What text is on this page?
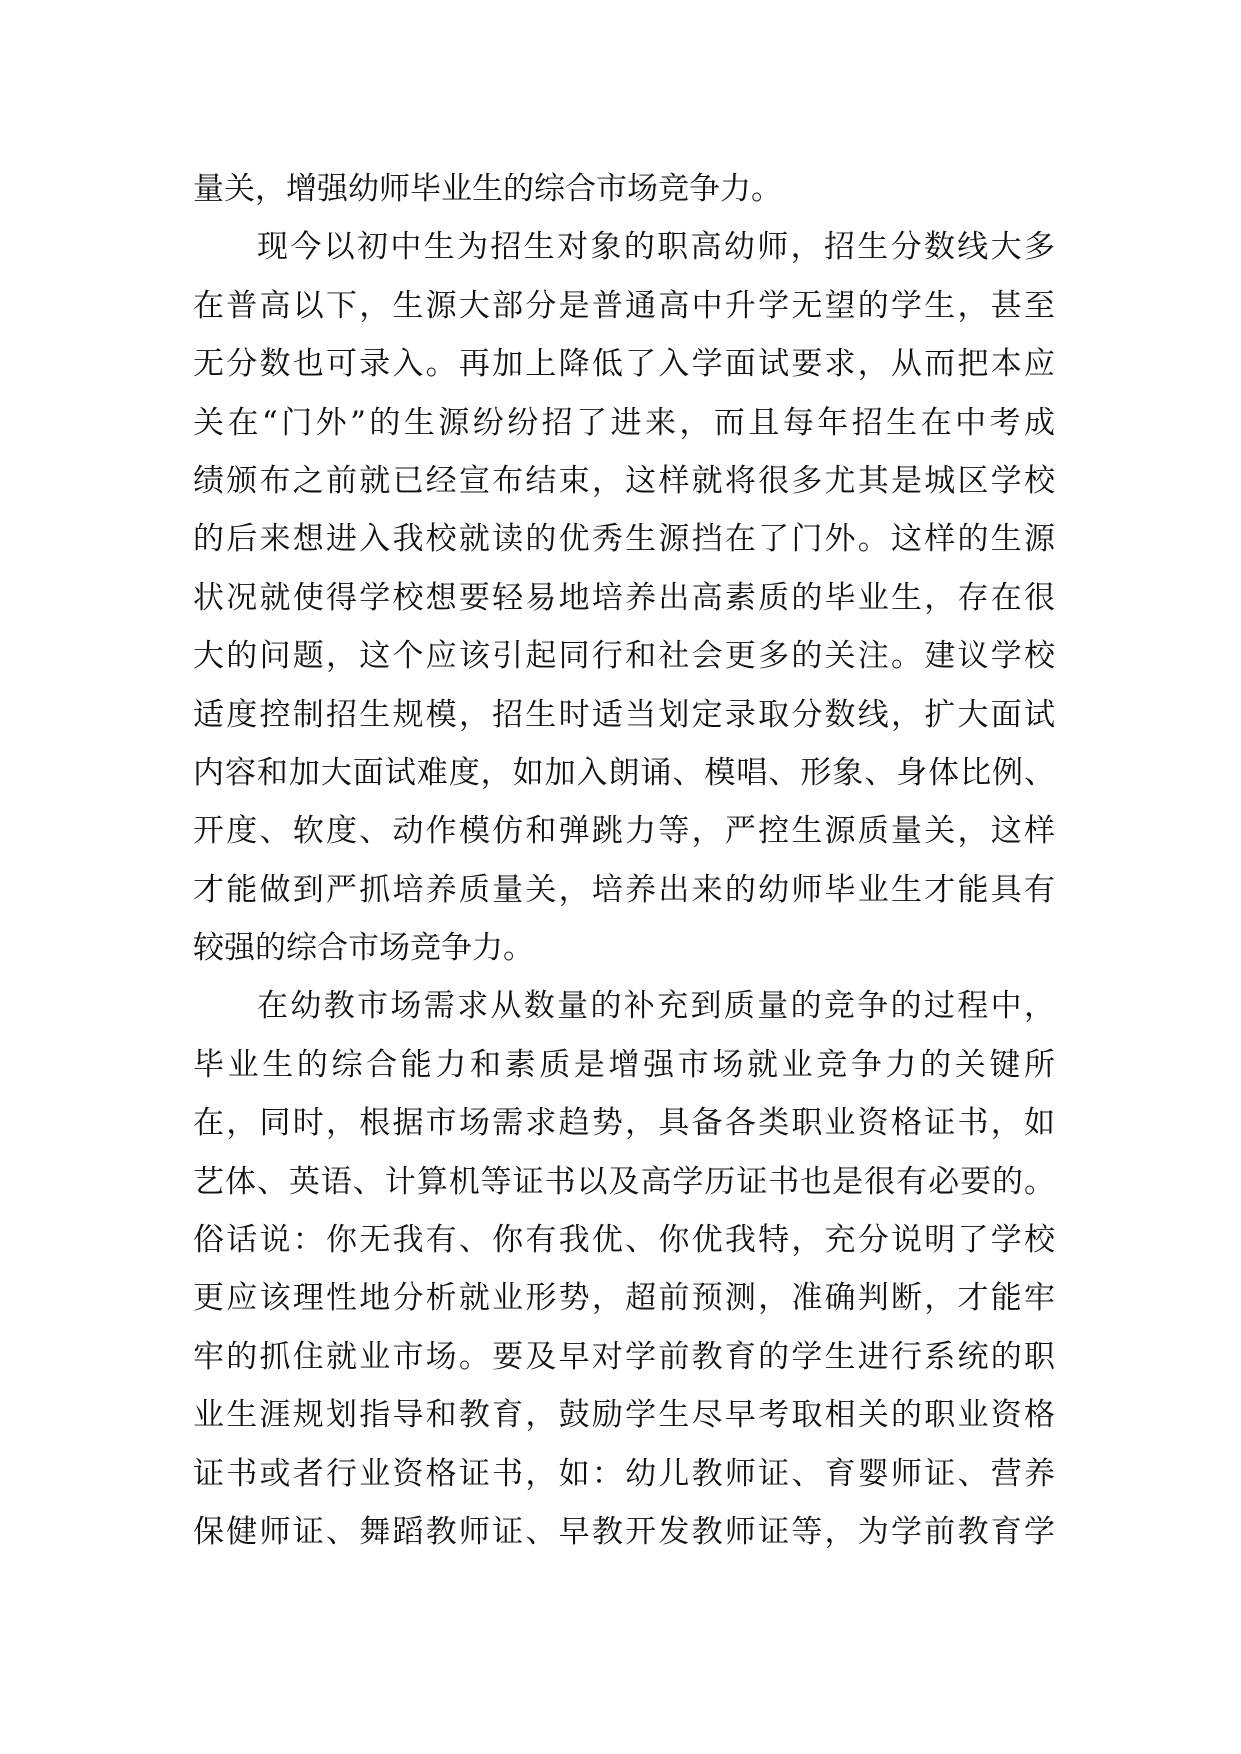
量关，增强幼师毕业生的综合市场竞争力。
现今以初中生为招生对象的职高幼师，招生分数线大多
在普高以下，生源大部分是普通高中升学无望的学生，甚至
无分数也可录入。再加上降低了入学面试要求，从而把本应
关在“门外”的生源纷纷招了进来，而且每年招生在中考成
绩颁布之前就已经宣布结束，这样就将很多尤其是城区学校
的后来想进入我校就读的优秀生源挡在了门外。这样的生源
状况就使得学校想要轻易地培养出高素质的毕业生，存在很
大的问题，这个应该引起同行和社会更多的关注。建议学校
适度控制招生规模，招生时适当划定录取分数线，扩大面试
内容和加大面试难度，如加入朗诵、模唱、形象、身体比例、
开度、软度、动作模仿和弹跳力等，严控生源质量关，这样
才能做到严抓培养质量关，培养出来的幼师毕业生才能具有
较强的综合市场竞争力。
在幼教市场需求从数量的补充到质量的竞争的过程中，
毕业生的综合能力和素质是增强市场就业竞争力的关键所
在，同时，根据市场需求趋势，具备各类职业资格证书，如
艺体、英语、计算机等证书以及高学历证书也是很有必要的。
俗话说：你无我有、你有我优、你优我特，充分说明了学校
更应该理性地分析就业形势，超前预测，准确判断，才能牢
牢的抓住就业市场。要及早对学前教育的学生进行系统的职
业生涯规划指导和教育，鼓励学生尽早考取相关的职业资格
证书或者行业资格证书，如：幼儿教师证、育婴师证、营养
保健师证、舞蹈教师证、早教开发教师证等，为学前教育学
